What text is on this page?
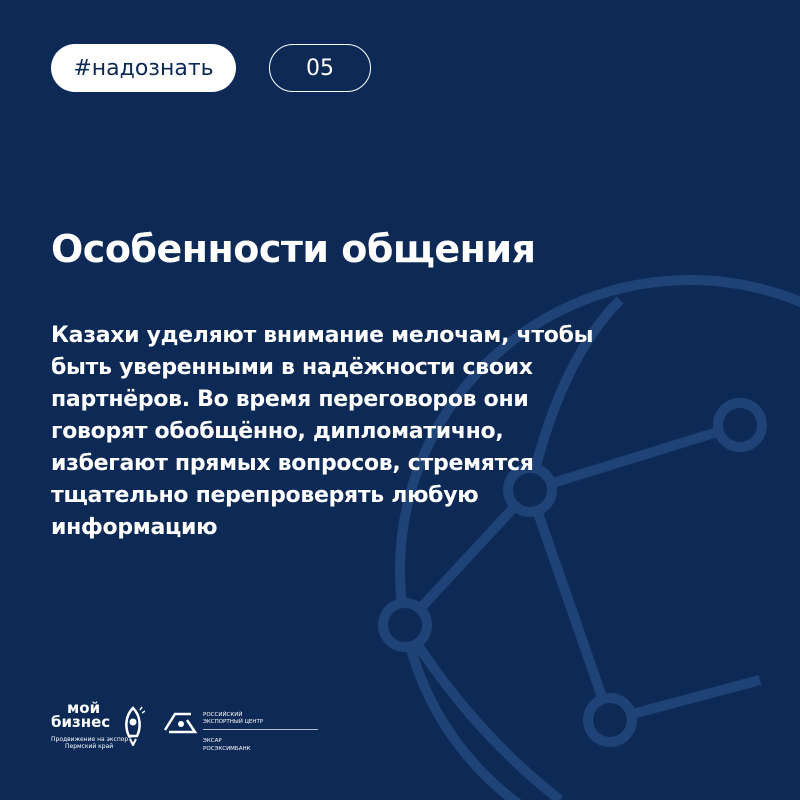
#надознать	05
Особенности общения

Казахи уделяют внимание мелочам, чтобы быть уверенными в надёжности своих партнёров. Во время переговоров они говорят обобщённо, дипломатично, избегают прямых вопросов, стремятся тщательно перепроверять любую информацию

мой
бизнес
Продвижение на экспорт
Пермский край
РОССИЙСКИЙ
ЭКСПОРТНЫЙ ЦЕНТР
ЭКСАР
РОСЭКСИМБАНК
